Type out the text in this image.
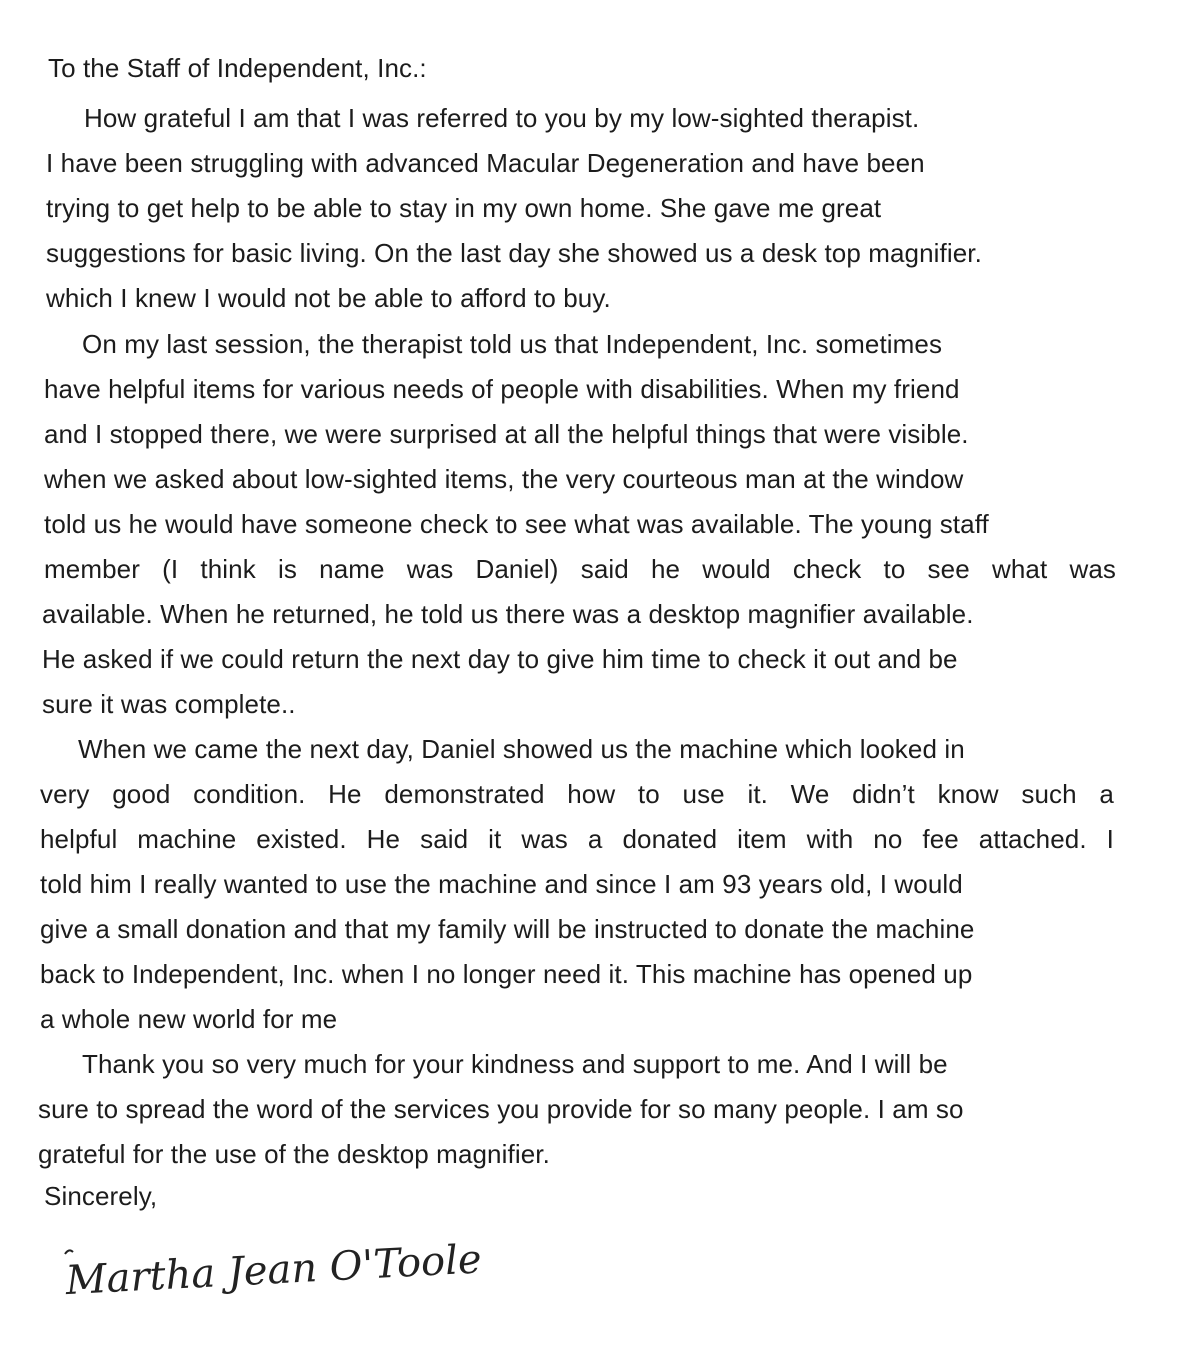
To the Staff of Independent, Inc.:

How grateful I am that I was referred to you by my low-sighted therapist.

I have been struggling with advanced Macular Degeneration and have been

trying to get help to be able to stay in my own home. She gave me great

suggestions for basic living. On the last day she showed us a desk top magnifier.

which I knew I would not be able to afford to buy.

On my last session, the therapist told us that Independent, Inc. sometimes

have helpful items for various needs of people with disabilities. When my friend

and I stopped there, we were surprised at all the helpful things that were visible.

when we asked about low-sighted items, the very courteous man at the window

told us he would have someone check to see what was available. The young staff

member (I think is name was Daniel) said he would check to see what was

available. When he returned, he told us there was a desktop magnifier available.

He asked if we could return the next day to give him time to check it out and be

sure it was complete..

When we came the next day, Daniel showed us the machine which looked in

very good condition. He demonstrated how to use it. We didn’t know such a

helpful machine existed. He said it was a donated item with no fee attached. I

told him I really wanted to use the machine and since I am 93 years old, I would

give a small donation and that my family will be instructed to donate the machine

back to Independent, Inc. when I no longer need it. This machine has opened up

a whole new world for me

Thank you so very much for your kindness and support to me. And I will be

sure to spread the word of the services you provide for so many people. I am so

grateful for the use of the desktop magnifier.

Sincerely,

Martha Jean O'Toole
